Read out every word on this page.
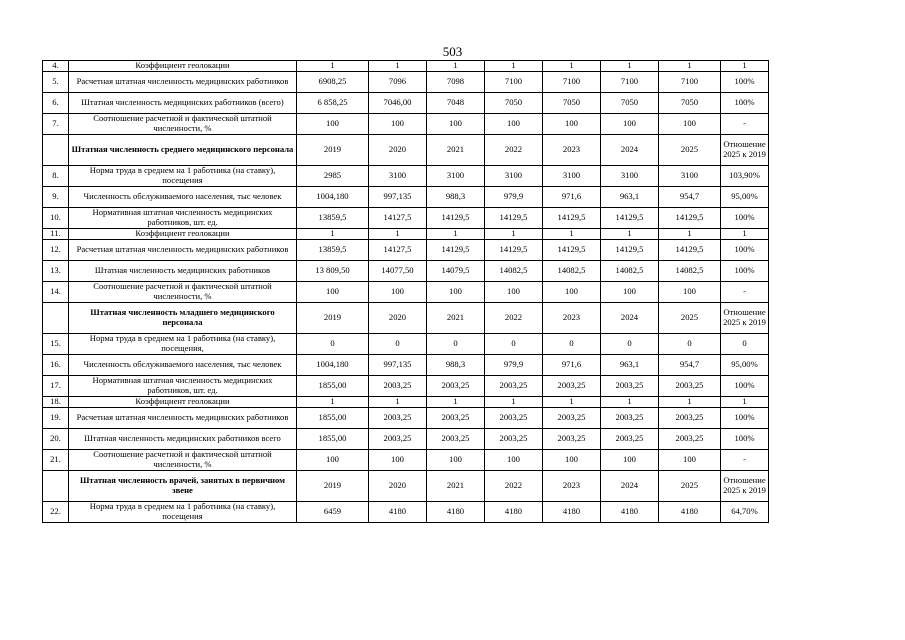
503
4.	Коэффициент геолокации	1	1	1	1	1	1	1	1
5.	Расчетная штатная численность медицинских работников	6908,25	7096	7098	7100	7100	7100	7100	100%
6.	Штатная численность медицинских работников (всего)	6 858,25	7046,00	7048	7050	7050	7050	7050	100%
7.	Соотношение расчетной и фактической штатной численности, %	100	100	100	100	100	100	100	-
	Штатная численность среднего медицинского персонала	2019	2020	2021	2022	2023	2024	2025	Отношение 2025 к 2019
8.	Норма труда в среднем на 1 работника (на ставку), посещения	2985	3100	3100	3100	3100	3100	3100	103,90%
9.	Численность обслуживаемого населения, тыс человек	1004,180	997,135	988,3	979,9	971,6	963,1	954,7	95,00%
10.	Нормативная штатная численность медицинских работников, шт. ед.	13859,5	14127,5	14129,5	14129,5	14129,5	14129,5	14129,5	100%
11.	Коэффициент геолокации	1	1	1	1	1	1	1	1
12.	Расчетная штатная численность медицинских работников	13859,5	14127,5	14129,5	14129,5	14129,5	14129,5	14129,5	100%
13.	Штатная численность медицинских работников	13 809,50	14077,50	14079,5	14082,5	14082,5	14082,5	14082,5	100%
14.	Соотношение расчетной и фактической штатной численности, %	100	100	100	100	100	100	100	-
	Штатная численность младшего медицинского персонала	2019	2020	2021	2022	2023	2024	2025	Отношение 2025 к 2019
15.	Норма труда в среднем на 1 работника (на ставку), посещения,	0	0	0	0	0	0	0	0
16.	Численность обслуживаемого населения, тыс человек	1004,180	997,135	988,3	979,9	971,6	963,1	954,7	95,00%
17.	Нормативная штатная численность медицинских работников, шт. ед.	1855,00	2003,25	2003,25	2003,25	2003,25	2003,25	2003,25	100%
18.	Коэффициент геолокации	1	1	1	1	1	1	1	1
19.	Расчетная штатная численность медицинских работников	1855,00	2003,25	2003,25	2003,25	2003,25	2003,25	2003,25	100%
20.	Штатная численность медицинских работников всего	1855,00	2003,25	2003,25	2003,25	2003,25	2003,25	2003,25	100%
21.	Соотношение расчетной и фактической штатной численности, %	100	100	100	100	100	100	100	-
	Штатная численность врачей, занятых в первичном звене	2019	2020	2021	2022	2023	2024	2025	Отношение 2025 к 2019
22.	Норма труда в среднем на 1 работника (на ставку), посещения	6459	4180	4180	4180	4180	4180	4180	64,70%
